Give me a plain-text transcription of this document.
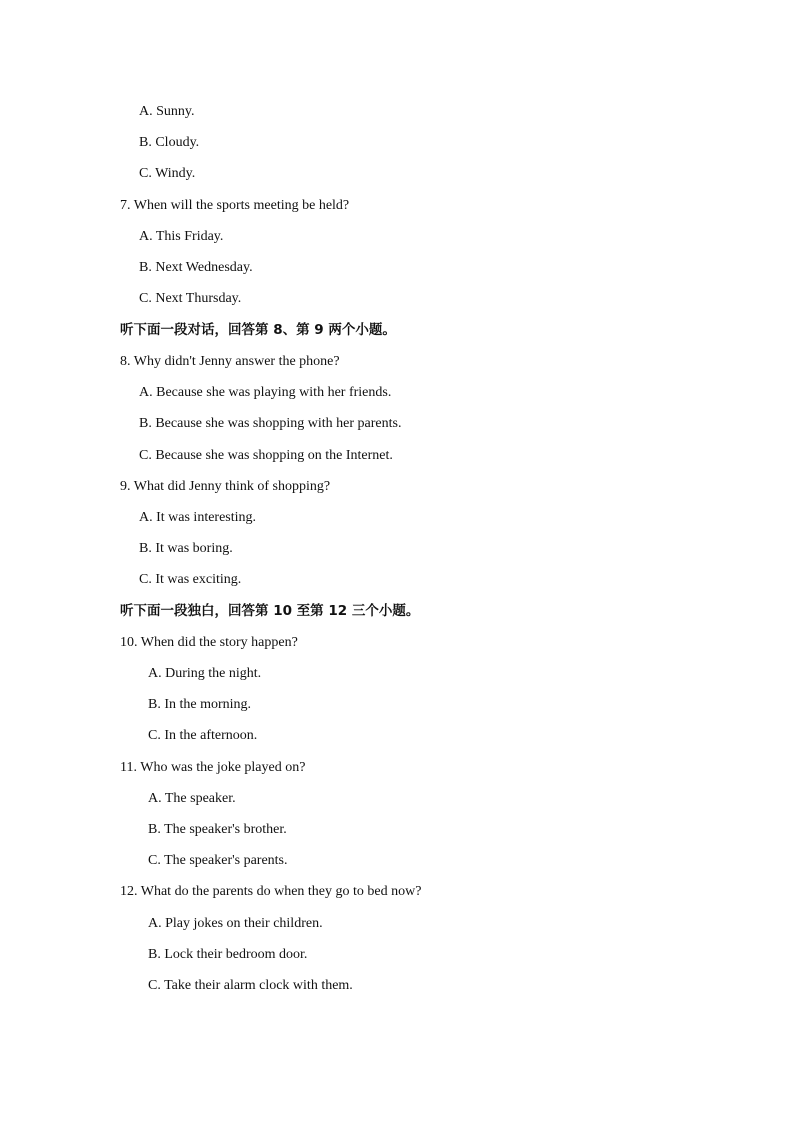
A. Sunny.
B. Cloudy.
C. Windy.
7. When will the sports meeting be held?
A. This Friday.
B. Next Wednesday.
C. Next Thursday.
听下面一段对话，回答第 8、第 9 两个小题。
8. Why didn't Jenny answer the phone?
A. Because she was playing with her friends.
B. Because she was shopping with her parents.
C. Because she was shopping on the Internet.
9. What did Jenny think of shopping?
A. It was interesting.
B. It was boring.
C. It was exciting.
听下面一段独白，回答第 10 至第 12 三个小题。
10. When did the story happen?
A. During the night.
B. In the morning.
C. In the afternoon.
11. Who was the joke played on?
A. The speaker.
B. The speaker's brother.
C. The speaker's parents.
12. What do the parents do when they go to bed now?
A. Play jokes on their children.
B. Lock their bedroom door.
C. Take their alarm clock with them.
